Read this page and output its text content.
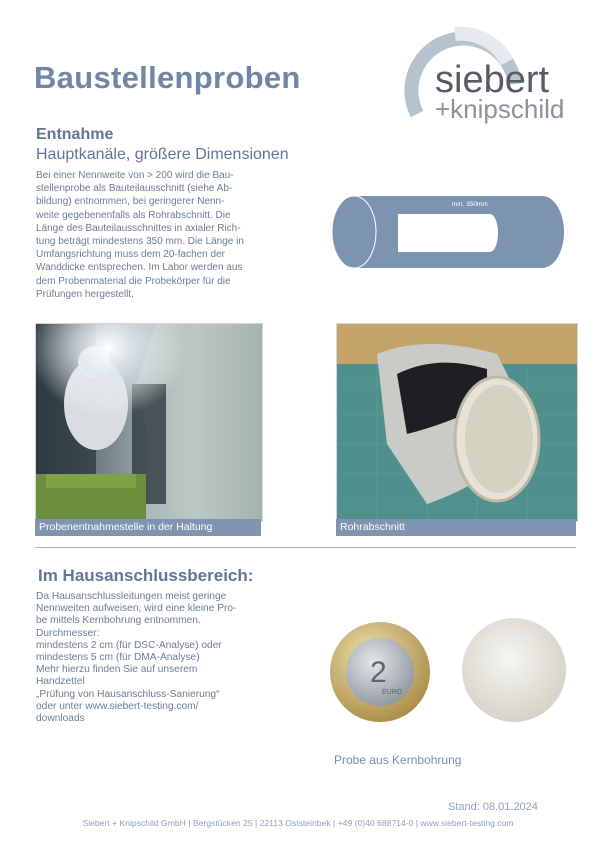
Baustellenproben	siebert
+knipschild
Entnahme
Hauptkanäle, größere Dimensionen
Bei einer Nennweite von > 200 wird die Bau-
stellenprobe als Bauteilausschnitt (siehe Ab-
bildung) entnommen, bei geringerer Nenn-
weite gegebenenfalls als Rohrabschnitt. Die
Länge des Bauteilausschnittes in axialer Rich-
tung beträgt mindestens 350 mm. Die Länge in
Umfangsrichtung muss dem 20-fachen der
Wanddicke entsprechen. Im Labor werden aus
dem Probenmaterial die Probekörper für die
Prüfungen hergestellt.
min. 350mm
20-fache
der
Wanddicke
Probenentnahmestelle in der Haltung	Rohrabschnitt
Im Hausanschlussbereich:
Da Hausanschlussleitungen meist geringe
Nennweiten aufweisen, wird eine kleine Pro-
be mittels Kernbohrung entnommen.
Durchmesser:
mindestens 2 cm (für DSC-Analyse) oder
mindestens 5 cm (für DMA-Analyse)
Mehr hierzu finden Sie auf unserem
Handzettel
„Prüfung von Hausanschluss-Sanierung“
oder unter www.siebert-testing.com/
downloads
2
EURO
Probe aus Kernbohrung
Stand: 08.01.2024
Siebert + Knipschild GmbH | Bergstücken 25 | 22113 Oststeinbek | +49 (0)40 688714-0 | www.siebert-testing.com
